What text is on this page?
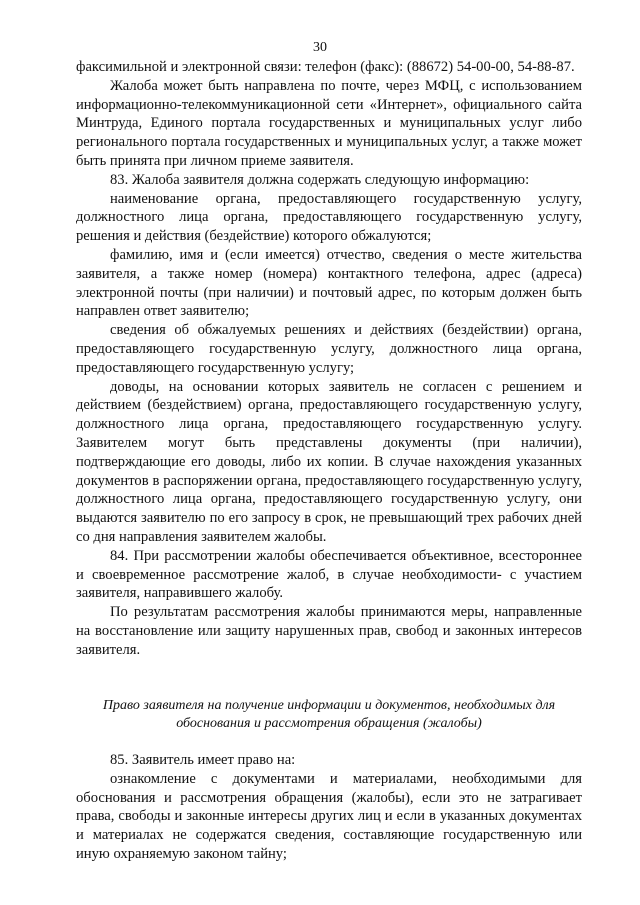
30

факсимильной и электронной связи: телефон (факс): (88672) 54-00-00, 54-88-87.

Жалоба может быть направлена по почте, через МФЦ, с использованием информационно-телекоммуникационной сети «Интернет», официального сайта Минтруда, Единого портала государственных и муниципальных услуг либо регионального портала государственных и муниципальных услуг, а также может быть принята при личном приеме заявителя.

83. Жалоба заявителя должна содержать следующую информацию:

наименование органа, предоставляющего государственную услугу, должностного лица органа, предоставляющего государственную услугу, решения и действия (бездействие) которого обжалуются;

фамилию, имя и (если имеется) отчество, сведения о месте жительства заявителя, а также номер (номера) контактного телефона, адрес (адреса) электронной почты (при наличии) и почтовый адрес, по которым должен быть направлен ответ заявителю;

сведения об обжалуемых решениях и действиях (бездействии) органа, предоставляющего государственную услугу, должностного лица органа, предоставляющего государственную услугу;

доводы, на основании которых заявитель не согласен с решением и действием (бездействием) органа, предоставляющего государственную услугу, должностного лица органа, предоставляющего государственную услугу. Заявителем могут быть представлены документы (при наличии), подтверждающие его доводы, либо их копии. В случае нахождения указанных документов в распоряжении органа, предоставляющего государственную услугу, должностного лица органа, предоставляющего государственную услугу, они выдаются заявителю по его запросу в срок, не превышающий трех рабочих дней со дня направления заявителем жалобы.

84. При рассмотрении жалобы обеспечивается объективное, всестороннее и своевременное рассмотрение жалоб, в случае необходимости- с участием заявителя, направившего жалобу.

По результатам рассмотрения жалобы принимаются меры, направленные на восстановление или защиту нарушенных прав, свобод и законных интересов заявителя.

Право заявителя на получение информации и документов, необходимых для
обоснования и рассмотрения обращения (жалобы)

85. Заявитель имеет право на:

ознакомление с документами и материалами, необходимыми для обоснования и рассмотрения обращения (жалобы), если это не затрагивает права, свободы и законные интересы других лиц и если в указанных документах и материалах не содержатся сведения, составляющие государственную или иную охраняемую законом тайну;
